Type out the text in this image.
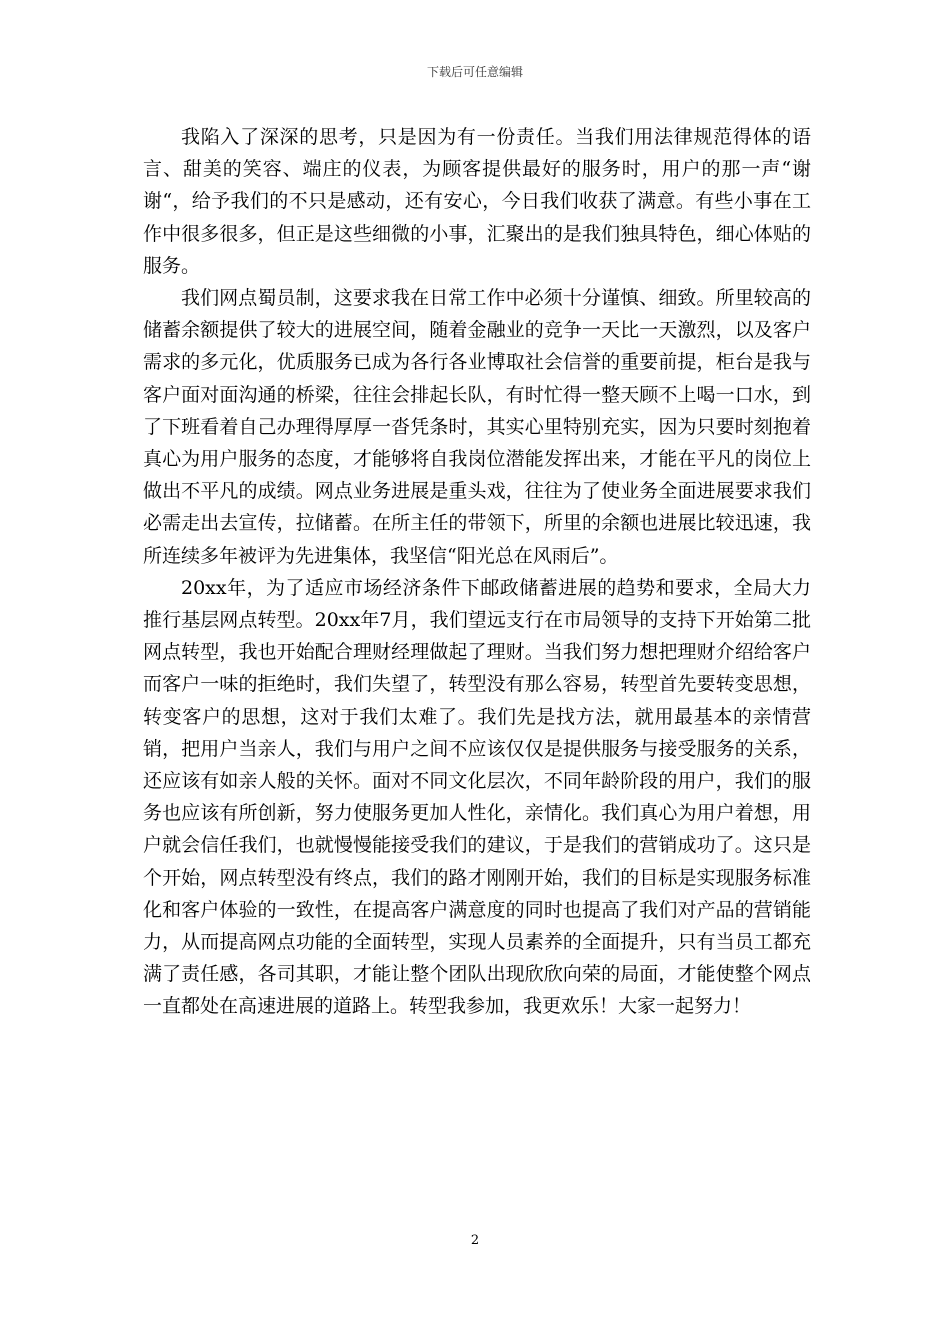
下载后可任意编辑

我陷入了深深的思考，只是因为有一份责任。当我们用法律规范得体的语言、甜美的笑容、端庄的仪表，为顾客提供最好的服务时，用户的那一声“谢谢“，给予我们的不只是感动，还有安心，今日我们收获了满意。有些小事在工作中很多很多，但正是这些细微的小事，汇聚出的是我们独具特色，细心体贴的服务。

我们网点蜀员制，这要求我在日常工作中必须十分谨慎、细致。所里较高的储蓄余额提供了较大的进展空间，随着金融业的竞争一天比一天激烈，以及客户需求的多元化，优质服务已成为各行各业博取社会信誉的重要前提，柜台是我与客户面对面沟通的桥梁，往往会排起长队，有时忙得一整天顾不上喝一口水，到了下班看着自己办理得厚厚一沓凭条时，其实心里特别充实，因为只要时刻抱着真心为用户服务的态度，才能够将自我岗位潜能发挥出来，才能在平凡的岗位上做出不平凡的成绩。网点业务进展是重头戏，往往为了使业务全面进展要求我们必需走出去宣传，拉储蓄。在所主任的带领下，所里的余额也进展比较迅速，我所连续多年被评为先进集体，我坚信“阳光总在风雨后”。

20xx年，为了适应市场经济条件下邮政储蓄进展的趋势和要求，全局大力推行基层网点转型。20xx年7月，我们望远支行在市局领导的支持下开始第二批网点转型，我也开始配合理财经理做起了理财。当我们努力想把理财介绍给客户而客户一味的拒绝时，我们失望了，转型没有那么容易，转型首先要转变思想，转变客户的思想，这对于我们太难了。我们先是找方法，就用最基本的亲情营销，把用户当亲人，我们与用户之间不应该仅仅是提供服务与接受服务的关系，还应该有如亲人般的关怀。面对不同文化层次，不同年龄阶段的用户，我们的服务也应该有所创新，努力使服务更加人性化，亲情化。我们真心为用户着想，用户就会信任我们，也就慢慢能接受我们的建议，于是我们的营销成功了。这只是个开始，网点转型没有终点，我们的路才刚刚开始，我们的目标是实现服务标准化和客户体验的一致性，在提高客户满意度的同时也提高了我们对产品的营销能力，从而提高网点功能的全面转型，实现人员素养的全面提升，只有当员工都充满了责任感，各司其职，才能让整个团队出现欣欣向荣的局面，才能使整个网点一直都处在高速进展的道路上。转型我参加，我更欢乐！大家一起努力！

2
